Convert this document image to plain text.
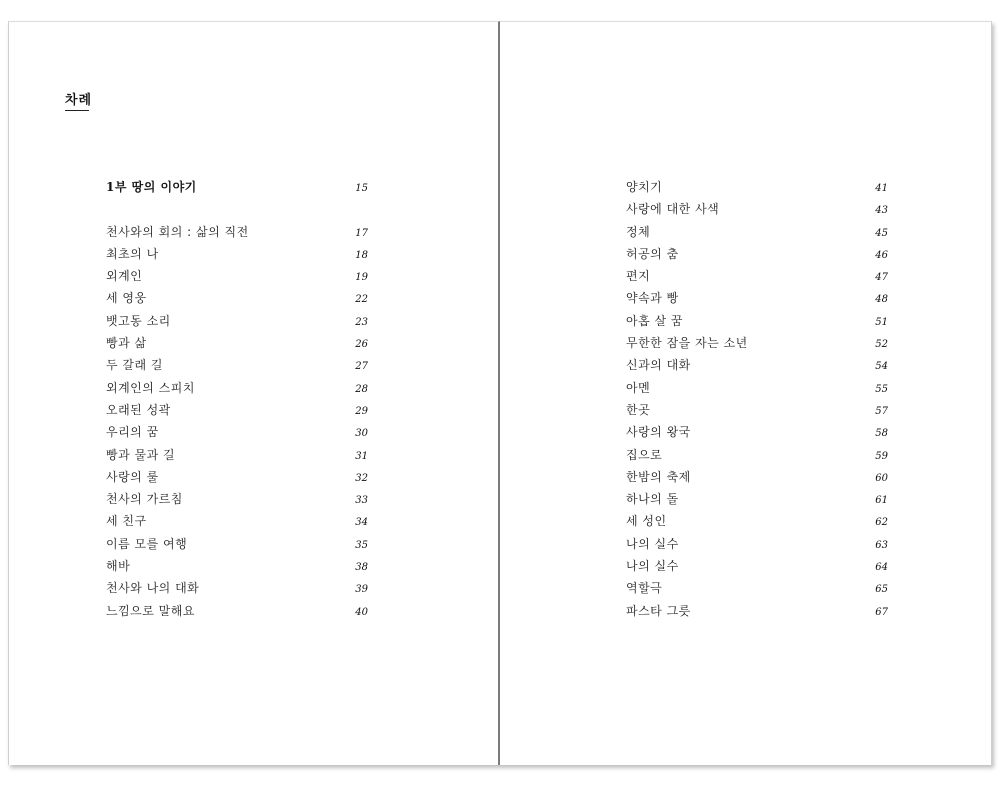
차례
1부 땅의 이야기	15
천사와의 회의 : 삶의 직전	17
최초의 나	18
외계인	19
세 영웅	22
뱃고동 소리	23
빵과 삶	26
두 갈래 길	27
외계인의 스피치	28
오래된 성곽	29
우리의 꿈	30
빵과 물과 길	31
사랑의 룰	32
천사의 가르침	33
세 친구	34
이름 모를 여행	35
해바	38
천사와 나의 대화	39
느낌으로 말해요	40
양치기	41
사랑에 대한 사색	43
정체	45
허공의 춤	46
편지	47
약속과 빵	48
아홉 살 꿈	51
무한한 잠을 자는 소년	52
신과의 대화	54
아멘	55
한곳	57
사랑의 왕국	58
집으로	59
한밤의 축제	60
하나의 돌	61
세 성인	62
나의 실수	63
나의 실수	64
역할극	65
파스타 그릇	67
